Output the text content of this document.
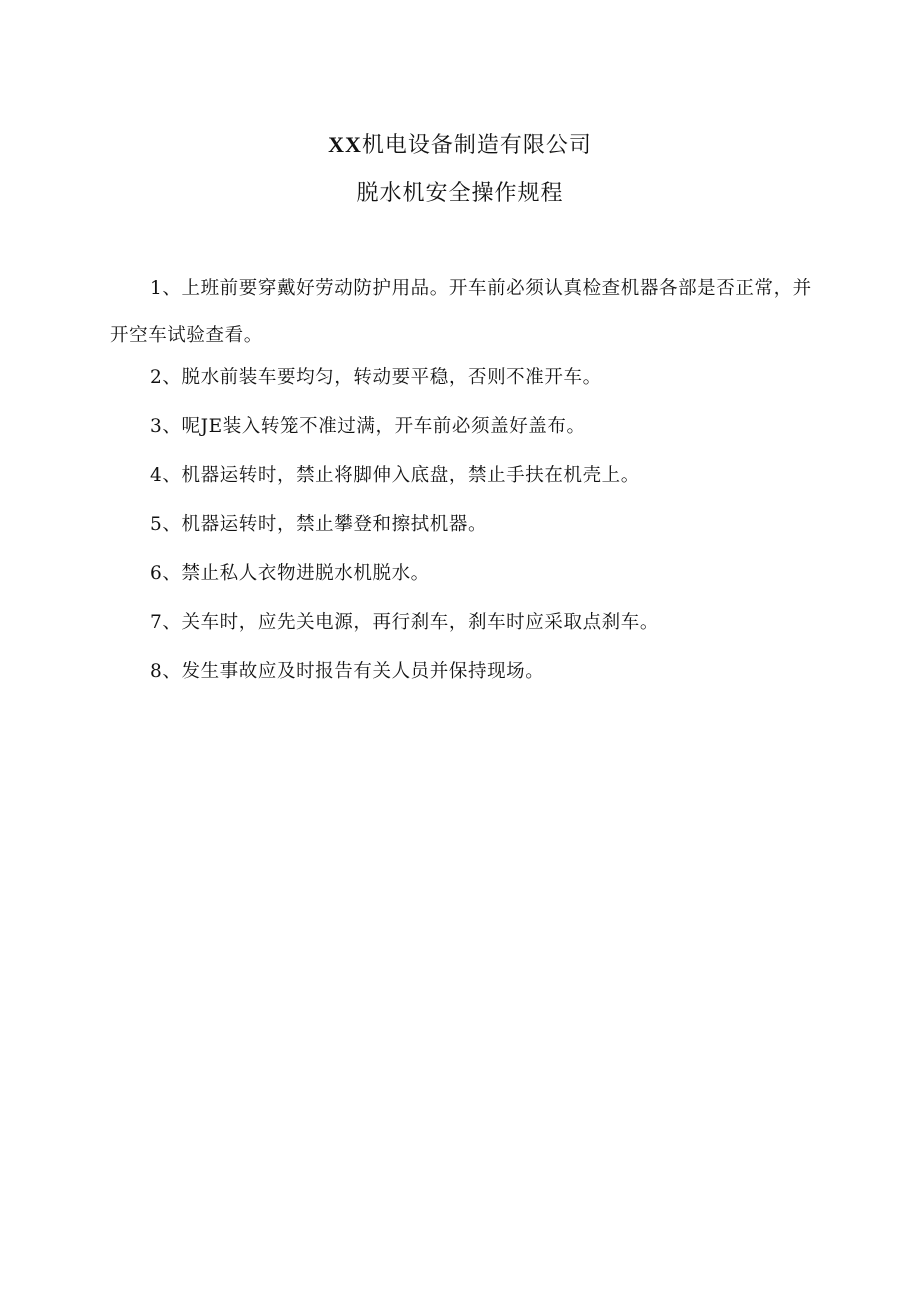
XX机电设备制造有限公司
脱水机安全操作规程

1、上班前要穿戴好劳动防护用品。开车前必须认真检查机器各部是否正常，并开空车试验查看。

2、脱水前装车要均匀，转动要平稳，否则不准开车。

3、呢JE装入转笼不准过满，开车前必须盖好盖布。

4、机器运转时，禁止将脚伸入底盘，禁止手扶在机壳上。

5、机器运转时，禁止攀登和擦拭机器。

6、禁止私人衣物进脱水机脱水。

7、关车时，应先关电源，再行刹车，刹车时应采取点刹车。

8、发生事故应及时报告有关人员并保持现场。
